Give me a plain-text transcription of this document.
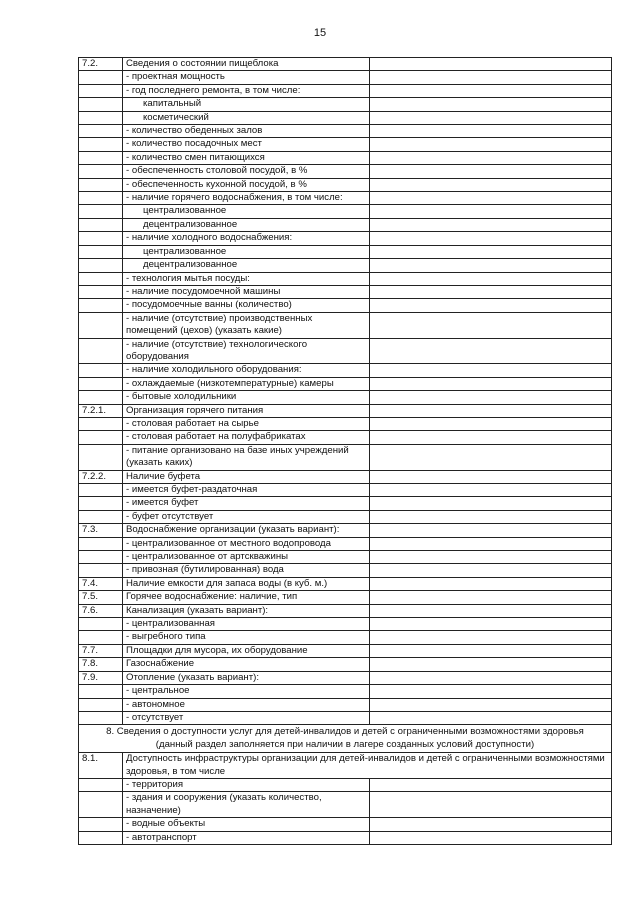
15
7.2.	Сведения о состоянии пищеблока	
	- проектная мощность	
	- год последнего ремонта, в том числе:	
	капитальный	
	косметический	
	- количество обеденных залов	
	- количество посадочных мест	
	- количество смен питающихся	
	- обеспеченность столовой посудой, в %	
	- обеспеченность кухонной посудой, в %	
	- наличие горячего водоснабжения, в том числе:	
	централизованное	
	децентрализованное	
	- наличие холодного водоснабжения:	
	централизованное	
	децентрализованное	
	- технология мытья посуды:	
	- наличие посудомоечной машины	
	- посудомоечные ванны (количество)	
	- наличие (отсутствие) производственных помещений (цехов) (указать какие)	
	- наличие (отсутствие) технологического оборудования	
	- наличие холодильного оборудования:	
	- охлаждаемые (низкотемпературные) камеры	
	- бытовые холодильники	
7.2.1.	Организация горячего питания	
	- столовая работает на сырье	
	- столовая работает на полуфабрикатах	
	- питание организовано на базе иных учреждений (указать каких)	
7.2.2.	Наличие буфета	
	- имеется буфет-раздаточная	
	- имеется буфет	
	- буфет отсутствует	
7.3.	Водоснабжение организации (указать вариант):	
	- централизованное от местного водопровода	
	- централизованное от артскважины	
	- привозная (бутилированная) вода	
7.4.	Наличие емкости для запаса воды (в куб. м.)	
7.5.	Горячее водоснабжение: наличие, тип	
7.6.	Канализация (указать вариант):	
	- централизованная	
	- выгребного типа	
7.7.	Площадки для мусора, их оборудование	
7.8.	Газоснабжение	
7.9.	Отопление (указать вариант):	
	- центральное	
	- автономное	
	- отсутствует	

8. Сведения о доступности услуг для детей-инвалидов и детей с ограниченными возможностями здоровья
(данный раздел заполняется при наличии в лагере созданных условий доступности)		

8.1.	Доступность инфраструктуры организации для детей-инвалидов и детей с ограниченными возможностями здоровья, в том числе	
	- территория	
	- здания и сооружения (указать количество, назначение)	
	- водные объекты	
	- автотранспорт	
